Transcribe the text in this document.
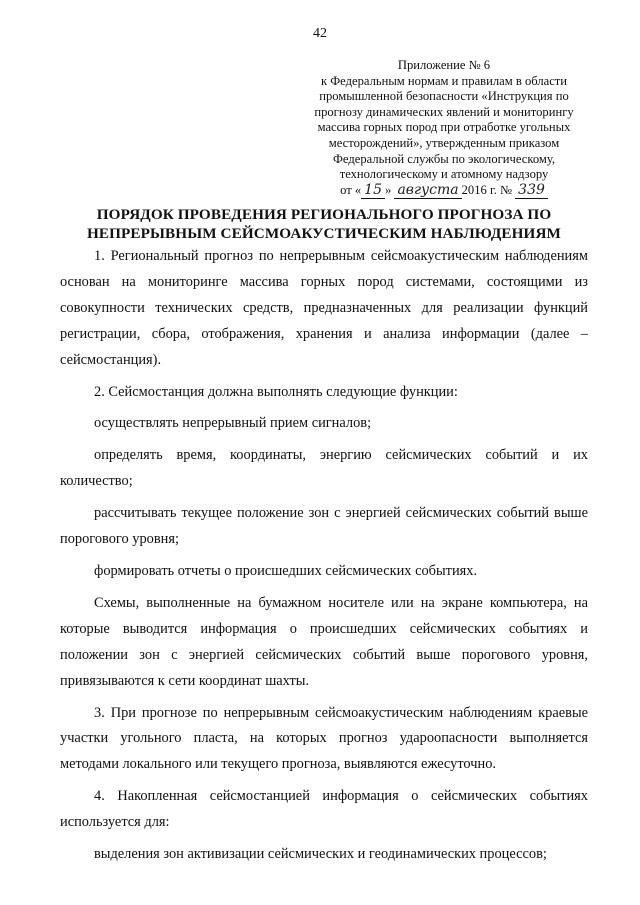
42
Приложение № 6
к Федеральным нормам и правилам в области
промышленной безопасности «Инструкция по
прогнозу динамических явлений и мониторингу
массива горных пород при отработке угольных
месторождений», утвержденным приказом
Федеральной службы по экологическому,
технологическому и атомному надзору
от « 15 » августа 2016 г. № 339
ПОРЯДОК ПРОВЕДЕНИЯ РЕГИОНАЛЬНОГО ПРОГНОЗА ПО
НЕПРЕРЫВНЫМ СЕЙСМОАКУСТИЧЕСКИМ НАБЛЮДЕНИЯМ

1. Региональный прогноз по непрерывным сейсмоакустическим наблюдениям основан на мониторинге массива горных пород системами, состоящими из совокупности технических средств, предназначенных для реализации функций регистрации, сбора, отображения, хранения и анализа информации (далее – сейсмостанция).

2. Сейсмостанция должна выполнять следующие функции:

осуществлять непрерывный прием сигналов;

определять время, координаты, энергию сейсмических событий и их количество;

рассчитывать текущее положение зон с энергией сейсмических событий выше порогового уровня;

формировать отчеты о происшедших сейсмических событиях.

Схемы, выполненные на бумажном носителе или на экране компьютера, на которые выводится информация о происшедших сейсмических событиях и положении зон с энергией сейсмических событий выше порогового уровня, привязываются к сети координат шахты.

3. При прогнозе по непрерывным сейсмоакустическим наблюдениям краевые участки угольного пласта, на которых прогноз удароопасности выполняется методами локального или текущего прогноза, выявляются ежесуточно.

4. Накопленная сейсмостанцией информация о сейсмических событиях используется для:

выделения зон активизации сейсмических и геодинамических процессов;
